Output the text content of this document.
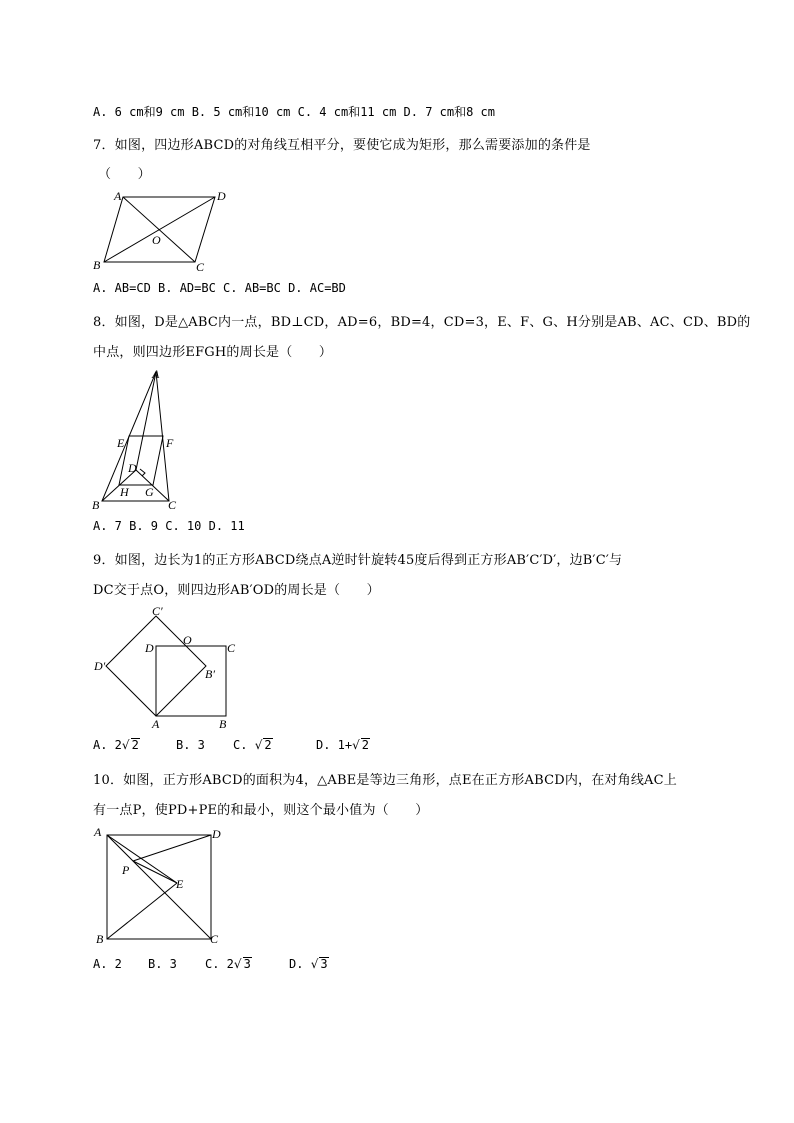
A. 6 cm和9 cm B. 5 cm和10 cm C. 4 cm和11 cm D. 7 cm和8 cm
7．如图，四边形ABCD的对角线互相平分，要使它成为矩形，那么需要添加的条件是
（　　）
A	D
B	C
O
A. AB=CD B. AD=BC C. AB=BC D. AC=BD
8．如图，D是△ABC内一点，BD⊥CD，AD=6，BD=4，CD=3，E、F、G、H分别是AB、AC、CD、BD的
中点，则四边形EFGH的周长是（　　）
E	F
A
D
H G
B	C
A. 7 B. 9 C. 10 D. 11
9．如图，边长为1的正方形ABCD绕点A逆时针旋转45度后得到正方形AB′C′D′，边B′C′与
DC交于点O，则四边形AB′OD的周长是（　　）
C′
D
O
C
D′
B′
A	B
A. 2√ 2	B. 3 C. √ 2	D. 1+√ 2
10．如图，正方形ABCD的面积为4，△ABE是等边三角形，点E在正方形ABCD内，在对角线AC上
有一点P，使PD+PE的和最小，则这个最小值为（　　）
A	D
P
E
B	C
A. 2 B. 3 C. 2√ 3	D. √ 3
